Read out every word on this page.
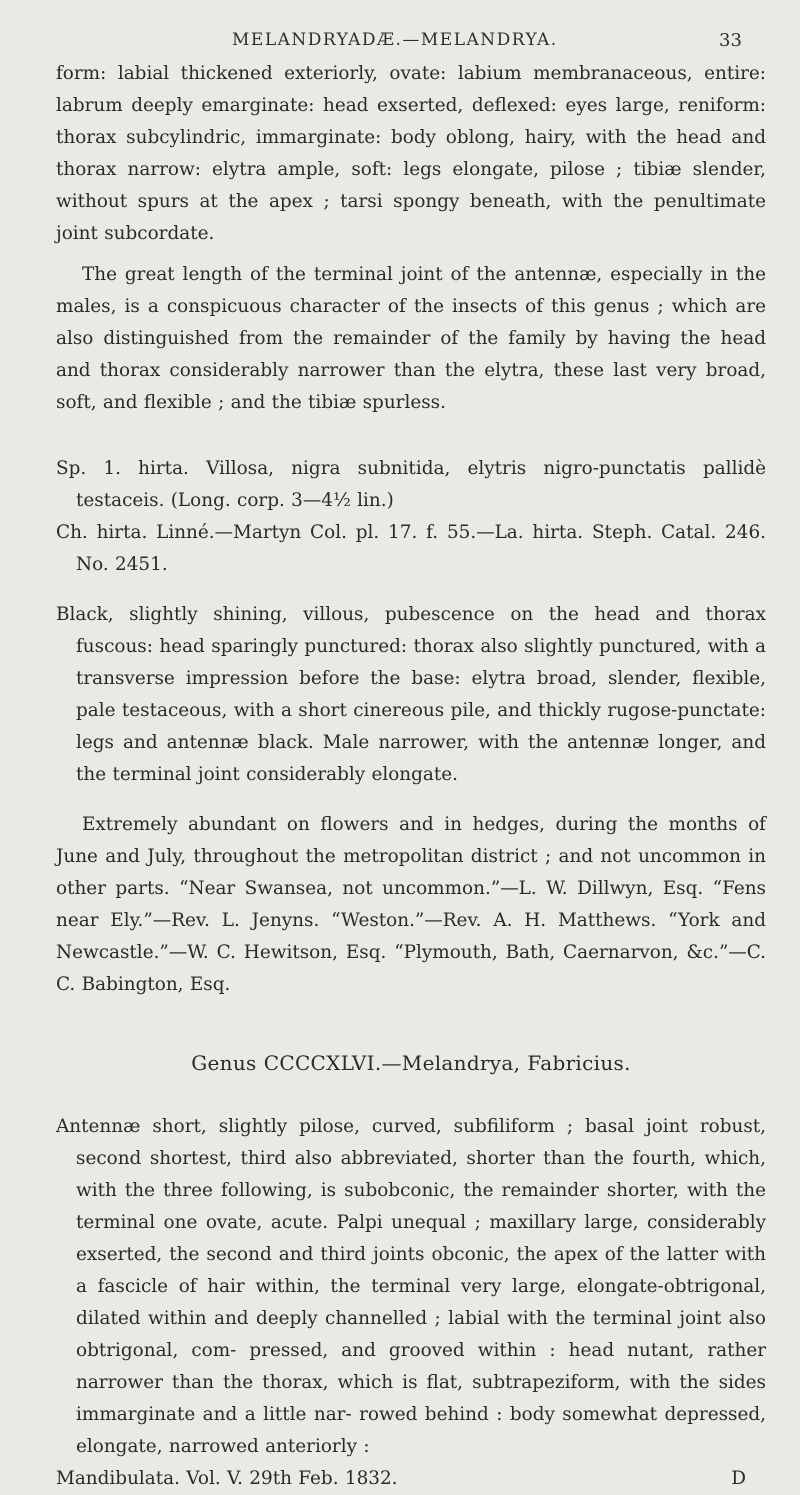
MELANDRYADÆ.—MELANDRYA.	33

form: labial thickened exteriorly, ovate: labium membranaceous, entire: labrum deeply emarginate: head exserted, deflexed: eyes large, reniform: thorax subcylindric, immarginate: body oblong, hairy, with the head and thorax narrow: elytra ample, soft: legs elongate, pilose ; tibiæ slender, without spurs at the apex ; tarsi spongy beneath, with the penultimate joint subcordate.

The great length of the terminal joint of the antennæ, especially in the males, is a conspicuous character of the insects of this genus ; which are also distinguished from the remainder of the family by having the head and thorax considerably narrower than the elytra, these last very broad, soft, and flexible ; and the tibiæ spurless.

Sp. 1. hirta. Villosa, nigra subnitida, elytris nigro-punctatis pallidè testaceis. (Long. corp. 3—4½ lin.)

Ch. hirta. Linné.—Martyn Col. pl. 17. f. 55.—La. hirta. Steph. Catal. 246. No. 2451.

Black, slightly shining, villous, pubescence on the head and thorax fuscous: head sparingly punctured: thorax also slightly punctured, with a transverse impression before the base: elytra broad, slender, flexible, pale testaceous, with a short cinereous pile, and thickly rugose-punctate: legs and antennæ black. Male narrower, with the antennæ longer, and the terminal joint considerably elongate.

Extremely abundant on flowers and in hedges, during the months of June and July, throughout the metropolitan district ; and not uncommon in other parts. “Near Swansea, not uncommon.”—L. W. Dillwyn, Esq. “Fens near Ely.”—Rev. L. Jenyns. “Weston.”—Rev. A. H. Matthews. “York and Newcastle.”—W. C. Hewitson, Esq. “Plymouth, Bath, Caernarvon, &c.”—C. C. Babington, Esq.

Genus CCCCXLVI.—Melandrya, Fabricius.

Antennæ short, slightly pilose, curved, subfiliform ; basal joint robust, second shortest, third also abbreviated, shorter than the fourth, which, with the three following, is subobconic, the remainder shorter, with the terminal one ovate, acute. Palpi unequal ; maxillary large, considerably exserted, the second and third joints obconic, the apex of the latter with a fascicle of hair within, the terminal very large, elongate-obtrigonal, dilated within and deeply channelled ; labial with the terminal joint also obtrigonal, com- pressed, and grooved within : head nutant, rather narrower than the thorax, which is flat, subtrapeziform, with the sides immarginate and a little nar- rowed behind : body somewhat depressed, elongate, narrowed anteriorly :

Mandibulata. Vol. V. 29th Feb. 1832.	D
